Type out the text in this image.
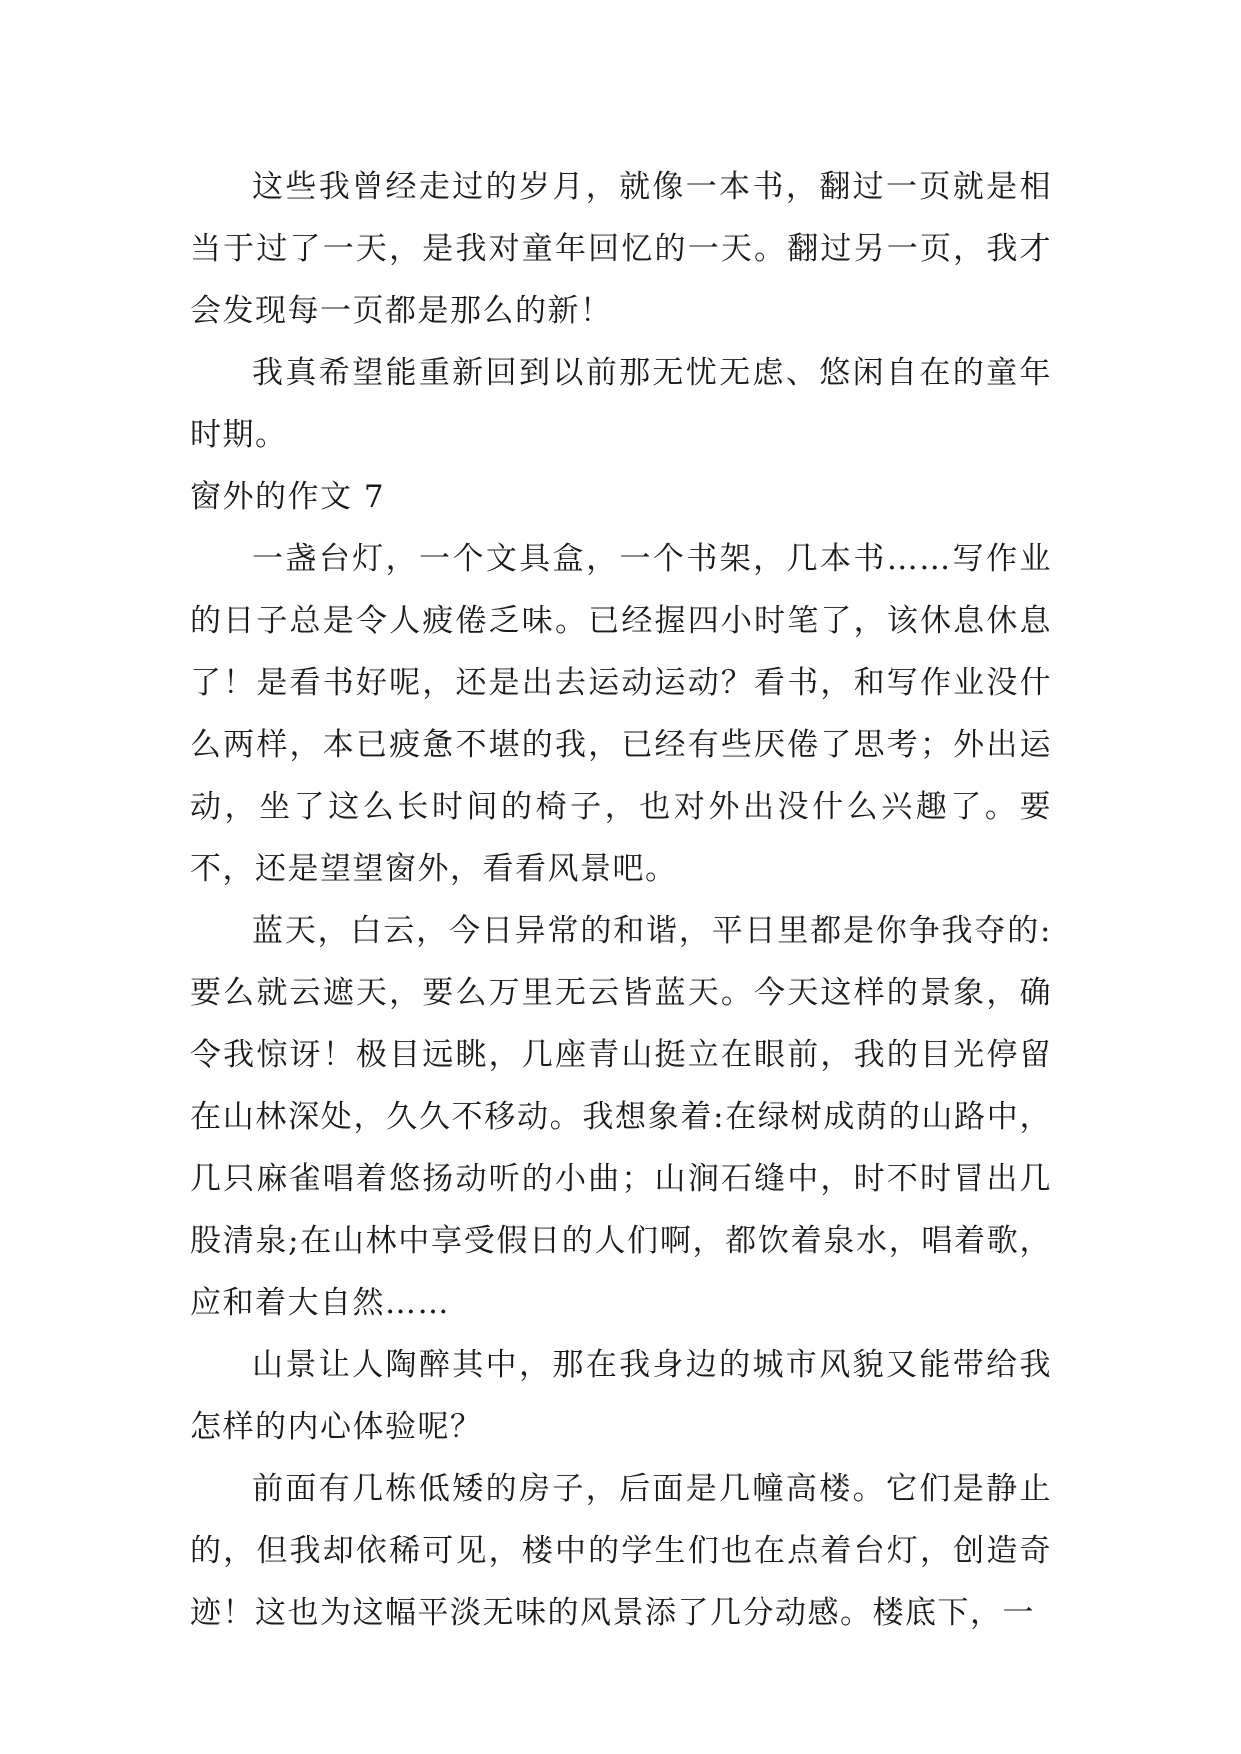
这些我曾经走过的岁月，就像一本书，翻过一页就是相当于过了一天，是我对童年回忆的一天。翻过另一页，我才会发现每一页都是那么的新！

我真希望能重新回到以前那无忧无虑、悠闲自在的童年时期。

窗外的作文 7

一盏台灯，一个文具盒，一个书架，几本书……写作业的日子总是令人疲倦乏味。已经握四小时笔了，该休息休息了！是看书好呢，还是出去运动运动？看书，和写作业没什么两样，本已疲惫不堪的我，已经有些厌倦了思考；外出运动，坐了这么长时间的椅子，也对外出没什么兴趣了。要不，还是望望窗外，看看风景吧。

蓝天，白云，今日异常的和谐，平日里都是你争我夺的:要么就云遮天，要么万里无云皆蓝天。今天这样的景象，确令我惊讶！极目远眺，几座青山挺立在眼前，我的目光停留在山林深处，久久不移动。我想象着:在绿树成荫的山路中，几只麻雀唱着悠扬动听的小曲；山涧石缝中，时不时冒出几股清泉;在山林中享受假日的人们啊，都饮着泉水，唱着歌，应和着大自然……

山景让人陶醉其中，那在我身边的城市风貌又能带给我怎样的内心体验呢？

前面有几栋低矮的房子，后面是几幢高楼。它们是静止的，但我却依稀可见，楼中的学生们也在点着台灯，创造奇迹！这也为这幅平淡无味的风景添了几分动感。楼底下，一
